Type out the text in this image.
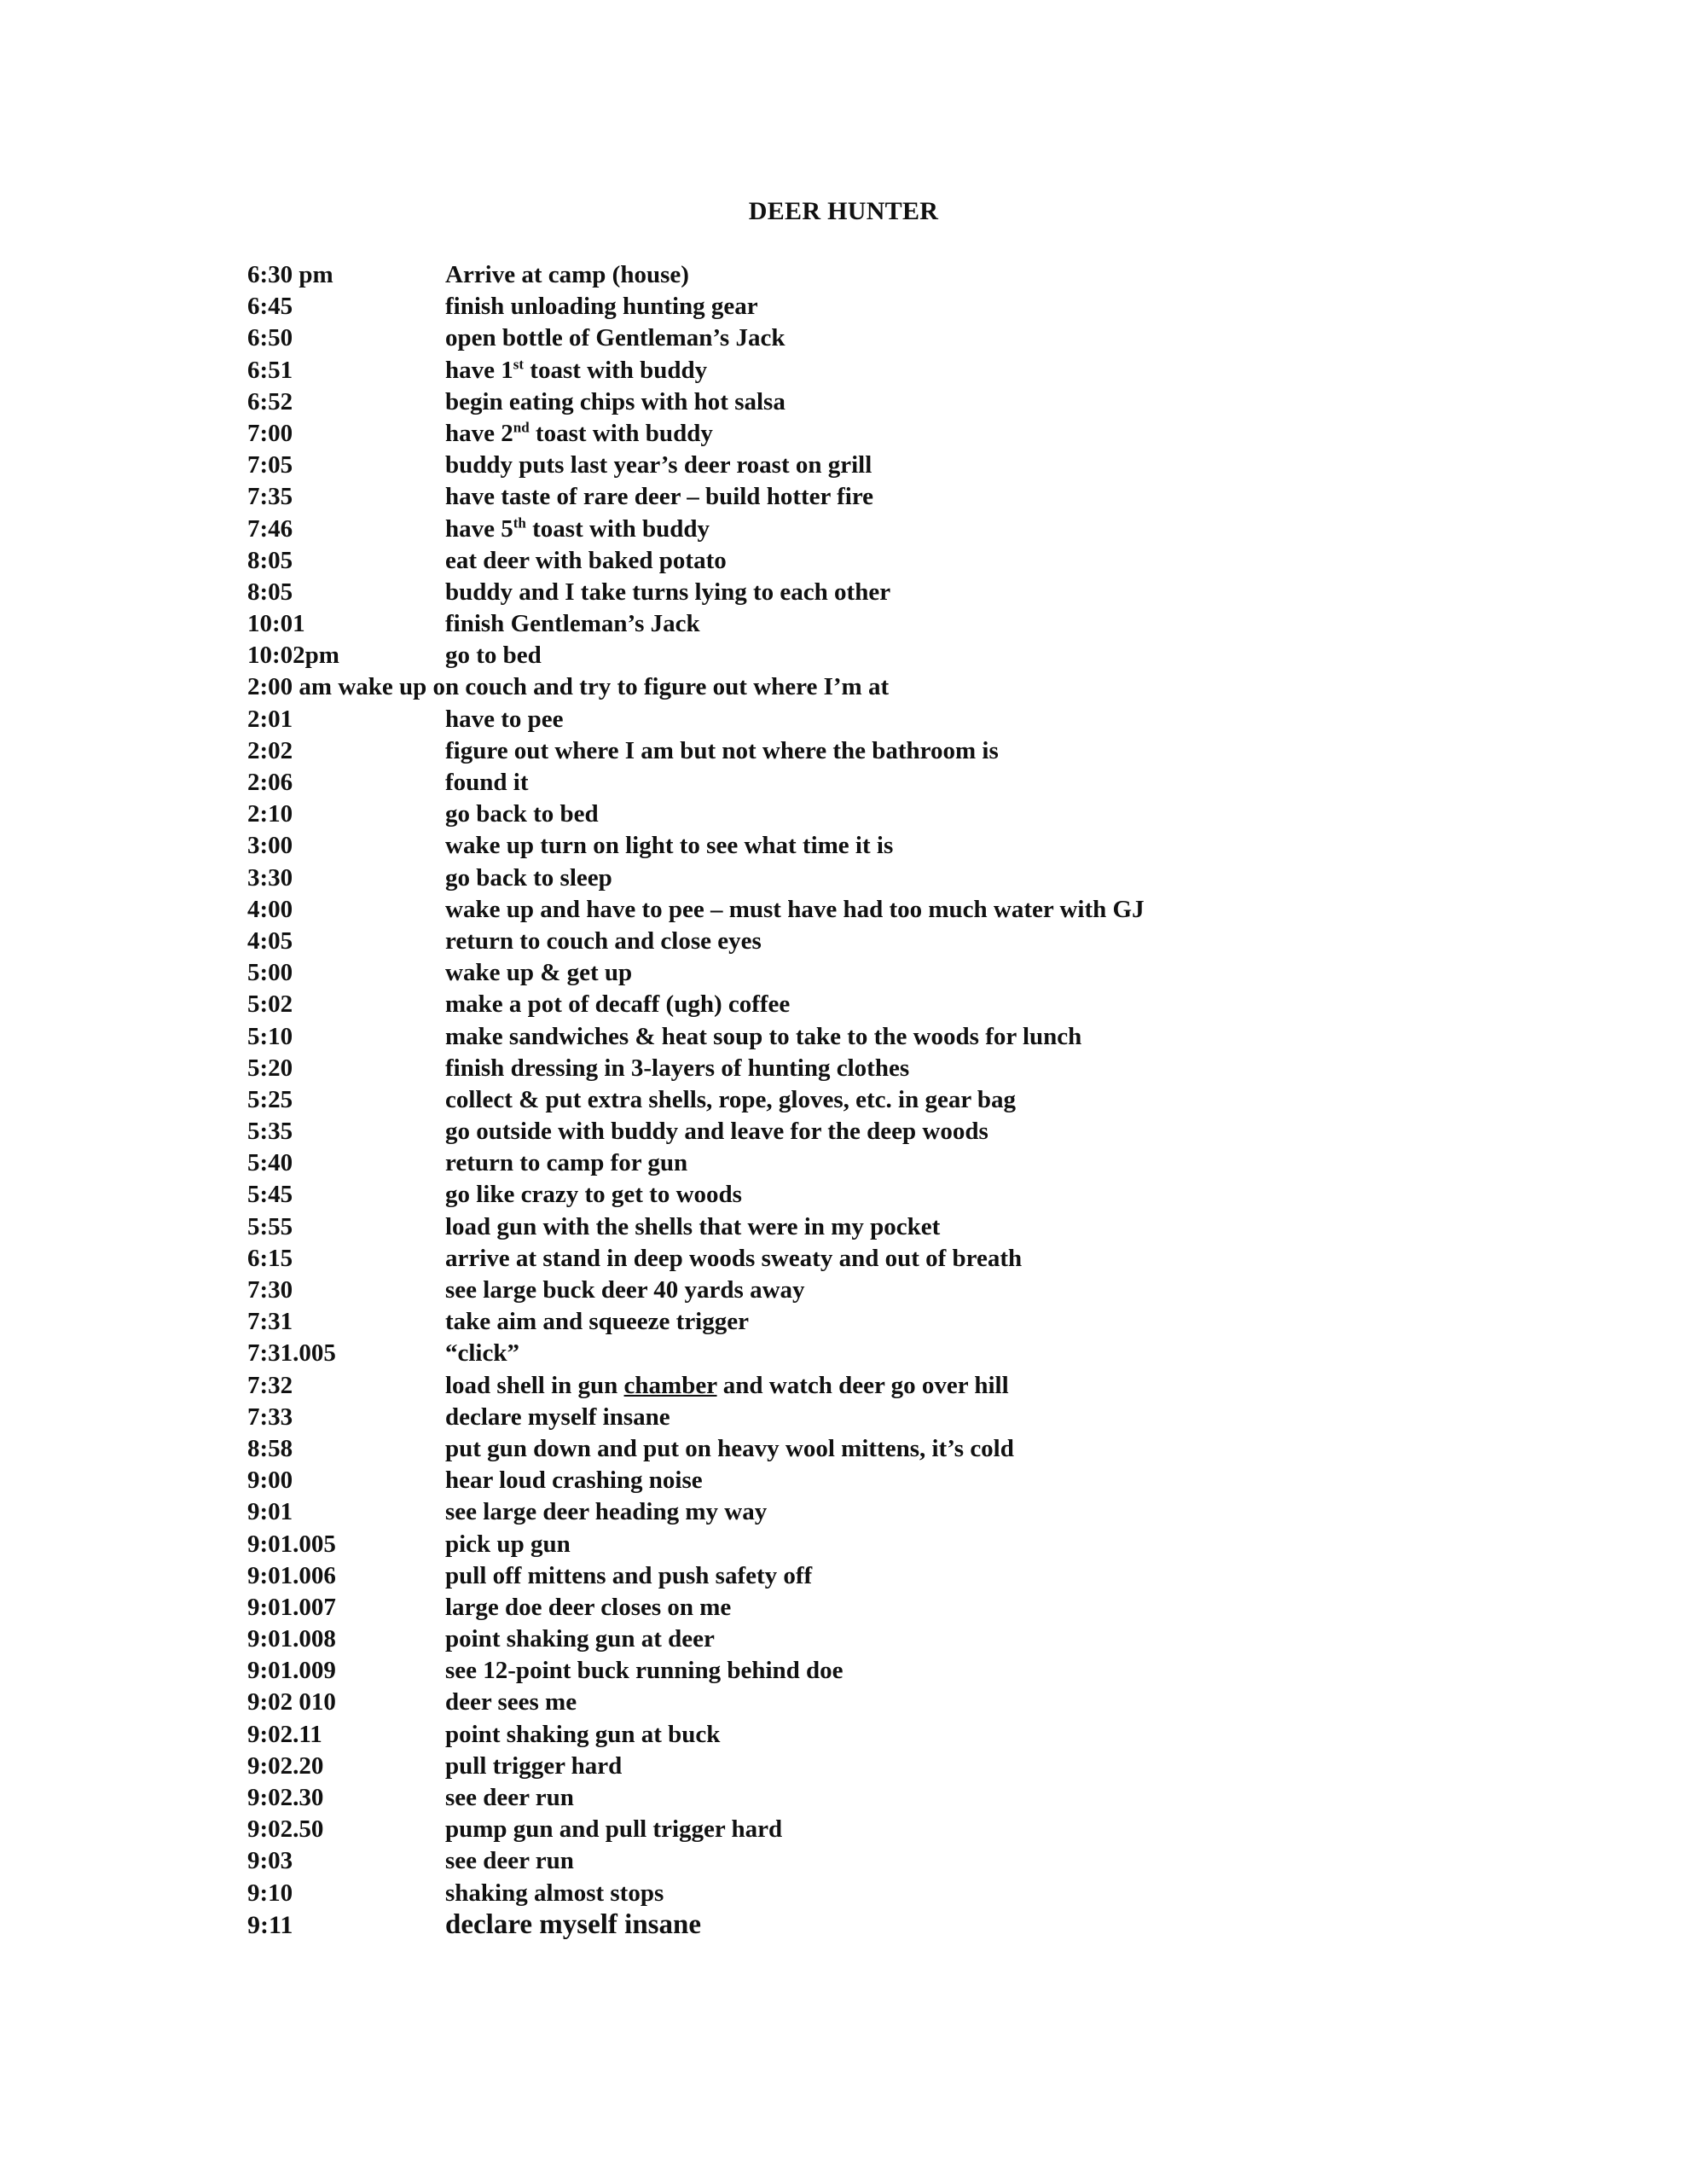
DEER HUNTER
6:30 pm	Arrive at camp (house)
6:45	finish unloading hunting gear
6:50	open bottle of Gentleman’s Jack
6:51	have 1st toast with buddy
6:52	begin eating chips with hot salsa
7:00	have 2nd toast with buddy
7:05	buddy puts last year’s deer roast on grill
7:35	have taste of rare deer – build hotter fire
7:46	have 5th toast with buddy
8:05	eat deer with baked potato
8:05	buddy and I take turns lying to each other
10:01	finish Gentleman’s Jack
10:02pm	go to bed
2:00 am wake up on couch and try to figure out where I’m at
2:01	have to pee
2:02	figure out where I am but not where the bathroom is
2:06	found it
2:10	go back to bed
3:00	wake up turn on light to see what time it is
3:30	go back to sleep
4:00	wake up and have to pee – must have had too much water with GJ
4:05	return to couch and close eyes
5:00	wake up & get up
5:02	make a pot of decaff (ugh) coffee
5:10	make sandwiches & heat soup to take to the woods for lunch
5:20	finish dressing in 3-layers of hunting clothes
5:25	collect & put extra shells, rope, gloves, etc. in gear bag
5:35	go outside with buddy and leave for the deep woods
5:40	return to camp for gun
5:45	go like crazy to get to woods
5:55	load gun with the shells that were in my pocket
6:15	arrive at stand in deep woods sweaty and out of breath
7:30	see large buck deer 40 yards away
7:31	take aim and squeeze trigger
7:31.005	“click”
7:32	load shell in gun chamber and watch deer go over hill
7:33	declare myself insane
8:58	put gun down and put on heavy wool mittens, it’s cold
9:00	hear loud crashing noise
9:01	see large deer heading my way
9:01.005	pick up gun
9:01.006	pull off mittens and push safety off
9:01.007	large doe deer closes on me
9:01.008	point shaking gun at deer
9:01.009	see 12-point buck running behind doe
9:02 010	deer sees me
9:02.11	point shaking gun at buck
9:02.20	pull trigger hard
9:02.30	see deer run
9:02.50	pump gun and pull trigger hard
9:03	see deer run
9:10	shaking almost stops
9:11	declare myself insane
